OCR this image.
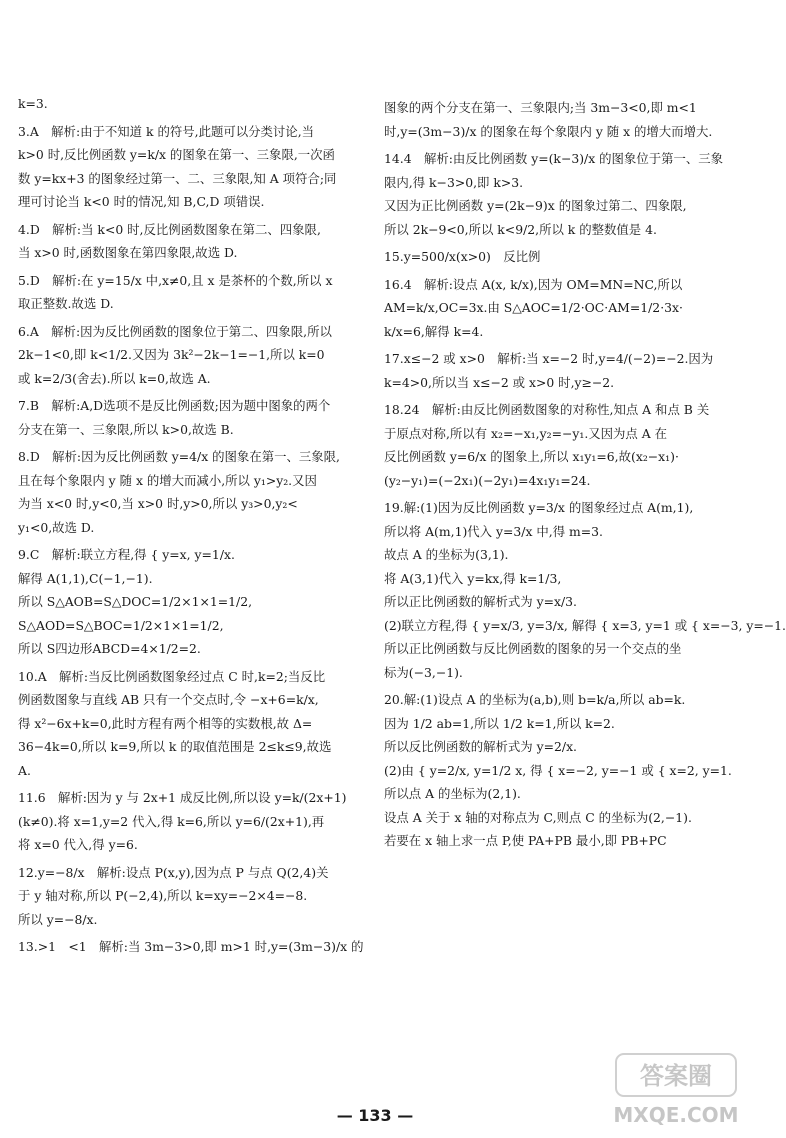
k=3.
3.A　解析:由于不知道 k 的符号,此题可以分类讨论,当
k>0 时,反比例函数 y=k/x 的图象在第一、三象限,一次函
数 y=kx+3 的图象经过第一、二、三象限,知 A 项符合;同
理可讨论当 k<0 时的情况,知 B,C,D 项错误.
4.D　解析:当 k<0 时,反比例函数图象在第二、四象限,
当 x>0 时,函数图象在第四象限,故选 D.
5.D　解析:在 y=15/x 中,x≠0,且 x 是茶杯的个数,所以 x
取正整数.故选 D.
6.A　解析:因为反比例函数的图象位于第二、四象限,所以
2k−1<0,即 k<1/2.又因为 3k²−2k−1=−1,所以 k=0
或 k=2/3(舍去).所以 k=0,故选 A.
7.B　解析:A,D选项不是反比例函数;因为题中图象的两个
分支在第一、三象限,所以 k>0,故选 B.
8.D　解析:因为反比例函数 y=4/x 的图象在第一、三象限,
且在每个象限内 y 随 x 的增大而减小,所以 y₁>y₂.又因
为当 x<0 时,y<0,当 x>0 时,y>0,所以 y₃>0,y₂<
y₁<0,故选 D.
9.C　解析:联立方程,得 { y=x, y=1/x.
解得 A(1,1),C(−1,−1).
所以 S△AOB=S△DOC=1/2×1×1=1/2,
S△AOD=S△BOC=1/2×1×1=1/2,
所以 S四边形ABCD=4×1/2=2.
10.A　解析:当反比例函数图象经过点 C 时,k=2;当反比
例函数图象与直线 AB 只有一个交点时,令 −x+6=k/x,
得 x²−6x+k=0,此时方程有两个相等的实数根,故 Δ=
36−4k=0,所以 k=9,所以 k 的取值范围是 2≤k≤9,故选
A.
11.6　解析:因为 y 与 2x+1 成反比例,所以设 y=k/(2x+1)
(k≠0).将 x=1,y=2 代入,得 k=6,所以 y=6/(2x+1),再
将 x=0 代入,得 y=6.
12.y=−8/x　解析:设点 P(x,y),因为点 P 与点 Q(2,4)关
于 y 轴对称,所以 P(−2,4),所以 k=xy=−2×4=−8.
所以 y=−8/x.
13.>1　<1　解析:当 3m−3>0,即 m>1 时,y=(3m−3)/x 的
图象的两个分支在第一、三象限内;当 3m−3<0,即 m<1
时,y=(3m−3)/x 的图象在每个象限内 y 随 x 的增大而增大.
14.4　解析:由反比例函数 y=(k−3)/x 的图象位于第一、三象
限内,得 k−3>0,即 k>3.
又因为正比例函数 y=(2k−9)x 的图象过第二、四象限,
所以 2k−9<0,所以 k<9/2,所以 k 的整数值是 4.
15.y=500/x(x>0)　反比例
16.4　解析:设点 A(x, k/x),因为 OM=MN=NC,所以
AM=k/x,OC=3x.由 S△AOC=1/2·OC·AM=1/2·3x·
k/x=6,解得 k=4.
17.x≤−2 或 x>0　解析:当 x=−2 时,y=4/(−2)=−2.因为
k=4>0,所以当 x≤−2 或 x>0 时,y≥−2.
18.24　解析:由反比例函数图象的对称性,知点 A 和点 B 关
于原点对称,所以有 x₂=−x₁,y₂=−y₁.又因为点 A 在
反比例函数 y=6/x 的图象上,所以 x₁y₁=6,故(x₂−x₁)·
(y₂−y₁)=(−2x₁)(−2y₁)=4x₁y₁=24.
19.解:(1)因为反比例函数 y=3/x 的图象经过点 A(m,1),
所以将 A(m,1)代入 y=3/x 中,得 m=3.
故点 A 的坐标为(3,1).
将 A(3,1)代入 y=kx,得 k=1/3,
所以正比例函数的解析式为 y=x/3.
(2)联立方程,得 { y=x/3, y=3/x, 解得 { x=3, y=1 或 { x=−3, y=−1.
所以正比例函数与反比例函数的图象的另一个交点的坐
标为(−3,−1).
20.解:(1)设点 A 的坐标为(a,b),则 b=k/a,所以 ab=k.
因为 1/2 ab=1,所以 1/2 k=1,所以 k=2.
所以反比例函数的解析式为 y=2/x.
(2)由 { y=2/x, y=1/2 x, 得 { x=−2, y=−1 或 { x=2, y=1.
所以点 A 的坐标为(2,1).
设点 A 关于 x 轴的对称点为 C,则点 C 的坐标为(2,−1).
若要在 x 轴上求一点 P,使 PA+PB 最小,即 PB+PC
— 133 —
答案圈
MXQE.COM
